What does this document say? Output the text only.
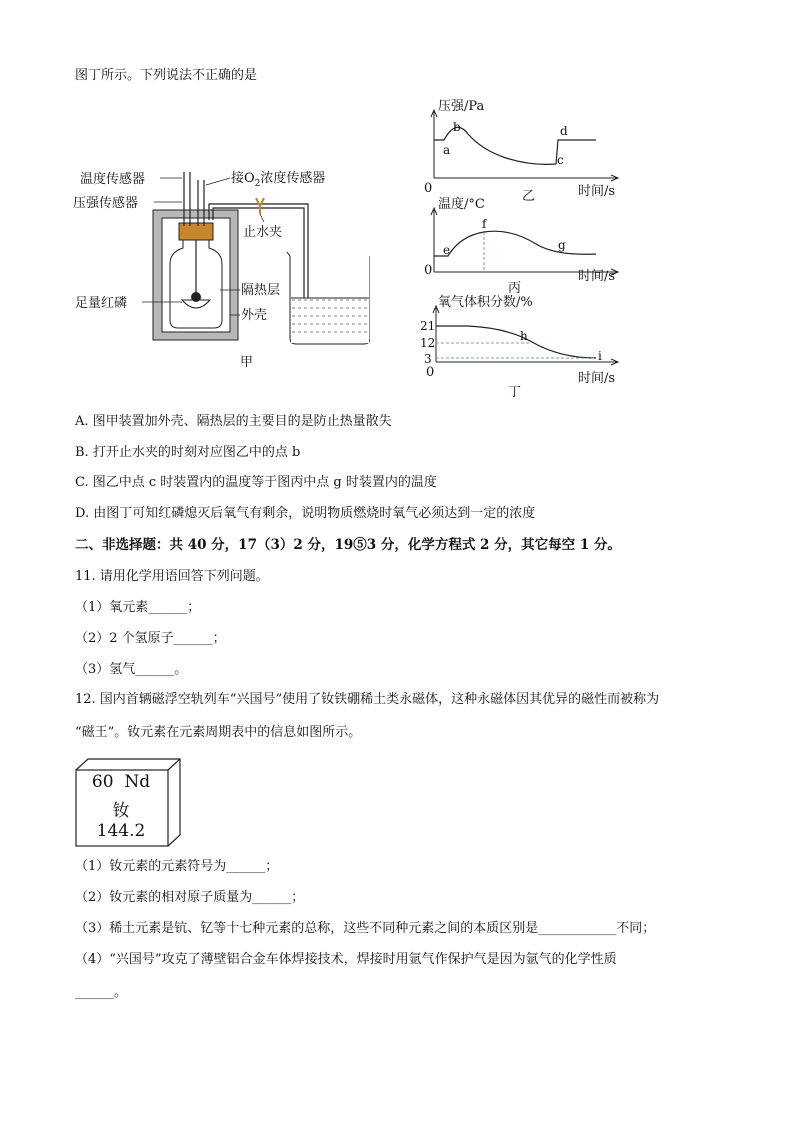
图丁所示。下列说法不正确的是
温度传感器
压强传感器
接$O_2$浓度传感器
止水夹
足量红磷
隔热层
外壳
甲
压强/Pa
时间/s
0
a
b
c
d
乙
温度/°C
时间/s
0
e
f
g
丙
氧气体积分数/%
时间/s
0
21
12
3
h
i
丁
A. 图甲装置加外壳、隔热层的主要目的是防止热量散失
B. 打开止水夹的时刻对应图乙中的点 b
C. 图乙中点 c 时装置内的温度等于图丙中点 g 时装置内的温度
D. 由图丁可知红磷熄灭后氧气有剩余，说明物质燃烧时氧气必须达到一定的浓度
二、非选择题：共 40 分，17（3）2 分，19⑤3 分，化学方程式 2 分，其它每空 1 分。
11. 请用化学用语回答下列问题。
（1）氧元素______；
（2）2 个氢原子______；
（3）氢气______。
12. 国内首辆磁浮空轨列车“兴国号”使用了钕铁硼稀土类永磁体，这种永磁体因其优异的磁性而被称为
“磁王”。钕元素在元素周期表中的信息如图所示。
60 Nd
钕
144.2
（1）钕元素的元素符号为______；
（2）钕元素的相对原子质量为______；
（3）稀土元素是钪、钇等十七种元素的总称，这些不同种元素之间的本质区别是____________不同；
（4）“兴国号”攻克了薄壁铝合金车体焊接技术，焊接时用氩气作保护气是因为氩气的化学性质
______。
